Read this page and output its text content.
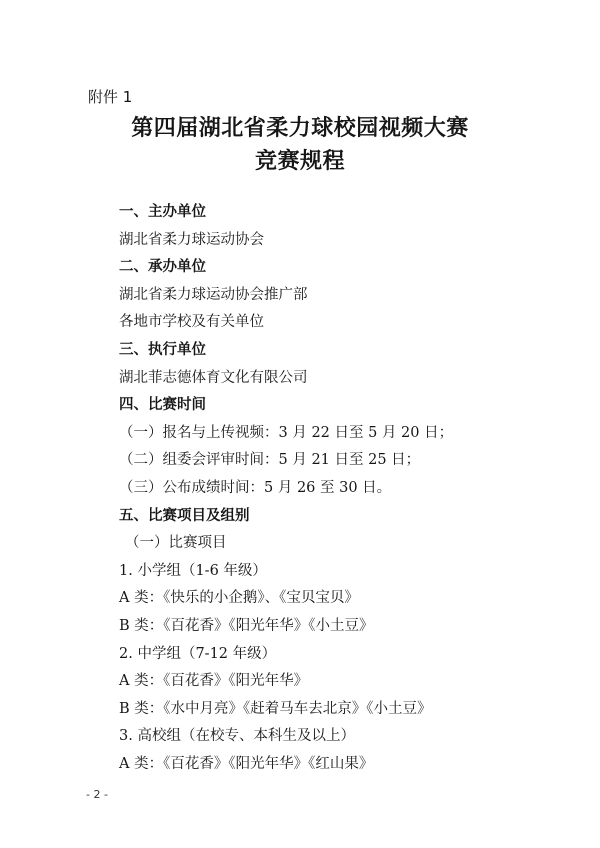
附件 1
第四届湖北省柔力球校园视频大赛
竞赛规程
一、主办单位
湖北省柔力球运动协会
二、承办单位
湖北省柔力球运动协会推广部
各地市学校及有关单位
三、执行单位
湖北菲志德体育文化有限公司
四、比赛时间
（一）报名与上传视频：3 月 22 日至 5 月 20 日；
（二）组委会评审时间：5 月 21 日至 25 日；
（三）公布成绩时间：5 月 26 至 30 日。
五、比赛项目及组别
（一）比赛项目
1. 小学组（1-6 年级）
A 类：《快乐的小企鹅》、《宝贝宝贝》
B 类：《百花香》《阳光年华》《小土豆》
2. 中学组（7-12 年级）
A 类：《百花香》《阳光年华》
B 类：《水中月亮》《赶着马车去北京》《小土豆》
3. 高校组（在校专、本科生及以上）
A 类：《百花香》《阳光年华》《红山果》
- 2 -
